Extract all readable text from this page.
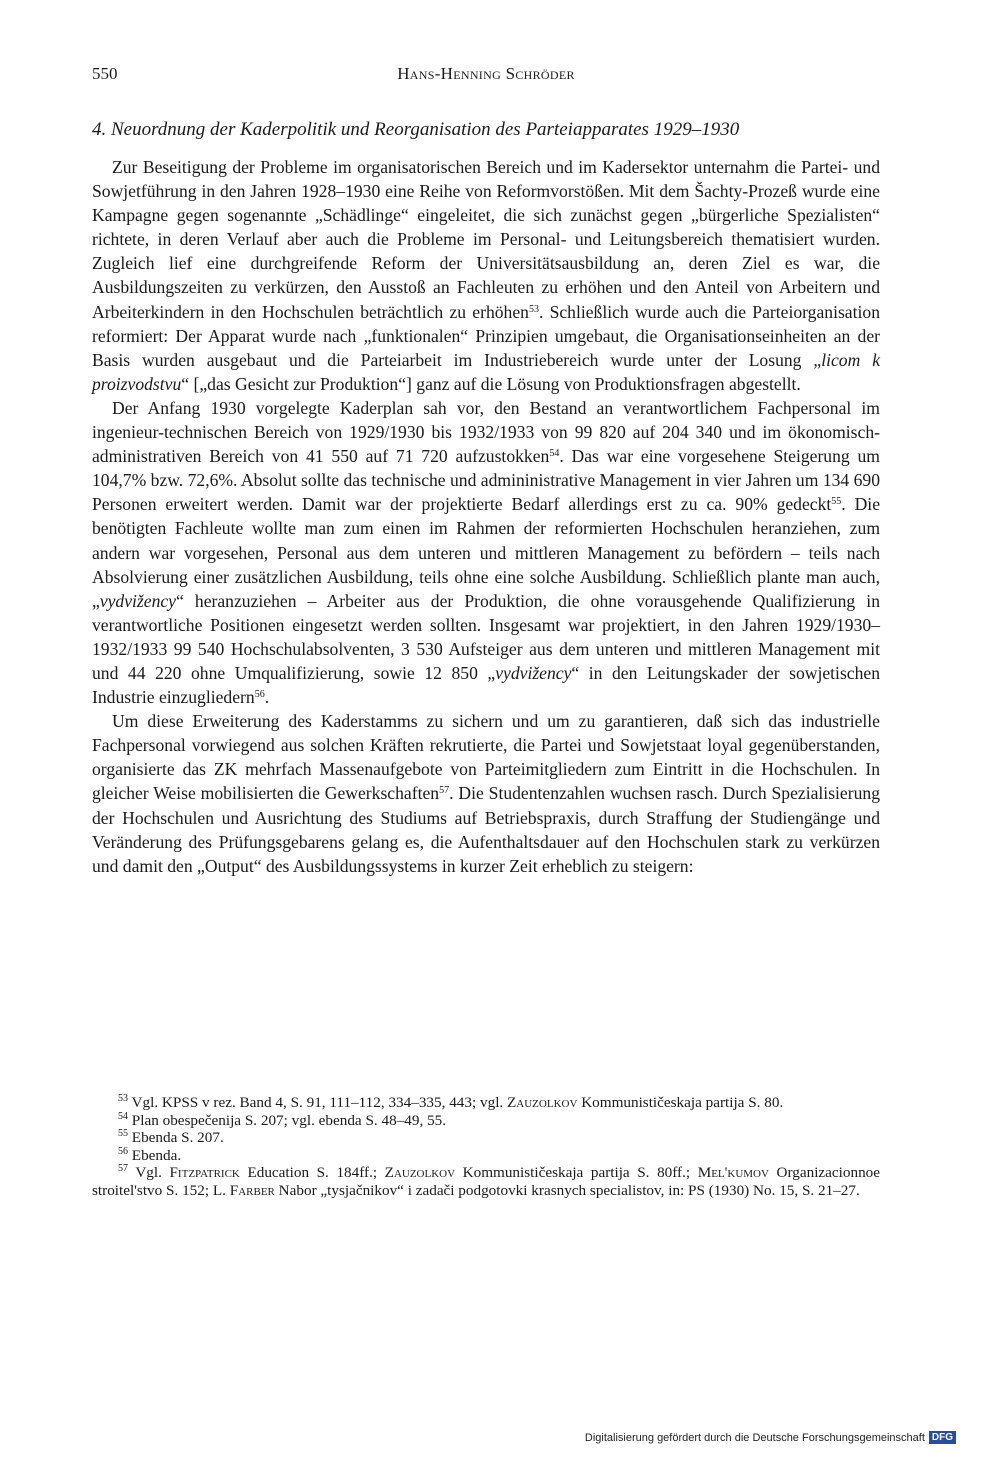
550	Hans-Henning Schröder
4. Neuordnung der Kaderpolitik und Reorganisation des Parteiapparates 1929–1930

Zur Beseitigung der Probleme im organisatorischen Bereich und im Kadersektor unternahm die Partei- und Sowjetführung in den Jahren 1928–1930 eine Reihe von Reformvorstößen. Mit dem Šachty-Prozeß wurde eine Kampagne gegen sogenannte „Schädlinge“ eingeleitet, die sich zunächst gegen „bürgerliche Spezialisten“ richtete, in deren Verlauf aber auch die Probleme im Personal- und Leitungsbereich thematisiert wurden. Zugleich lief eine durchgreifende Reform der Universitätsausbildung an, deren Ziel es war, die Ausbildungszeiten zu verkürzen, den Ausstoß an Fachleuten zu erhöhen und den Anteil von Arbeitern und Arbeiterkindern in den Hochschulen beträchtlich zu erhöhen$^{53}$. Schließlich wurde auch die Parteiorganisation reformiert: Der Apparat wurde nach „funktionalen“ Prinzipien umgebaut, die Organisationseinheiten an der Basis wurden ausgebaut und die Parteiarbeit im Industriebereich wurde unter der Losung „licom k proizvodstvu“ [„das Gesicht zur Produktion“] ganz auf die Lösung von Produktionsfragen abgestellt.

Der Anfang 1930 vorgelegte Kaderplan sah vor, den Bestand an verantwortlichem Fachpersonal im ingenieur-technischen Bereich von 1929/1930 bis 1932/1933 von 99 820 auf 204 340 und im ökonomisch-administrativen Bereich von 41 550 auf 71 720 aufzustokken$^{54}$. Das war eine vorgesehene Steigerung um 104,7% bzw. 72,6%. Absolut sollte das technische und admininistrative Management in vier Jahren um 134 690 Personen erweitert werden. Damit war der projektierte Bedarf allerdings erst zu ca. 90% gedeckt$^{55}$. Die benötigten Fachleute wollte man zum einen im Rahmen der reformierten Hochschulen heranziehen, zum andern war vorgesehen, Personal aus dem unteren und mittleren Management zu befördern – teils nach Absolvierung einer zusätzlichen Ausbildung, teils ohne eine solche Ausbildung. Schließlich plante man auch, „vydvižency“ heranzuziehen – Arbeiter aus der Produktion, die ohne vorausgehende Qualifizierung in verantwortliche Positionen eingesetzt werden sollten. Insgesamt war projektiert, in den Jahren 1929/1930–1932/1933 99 540 Hochschulabsolventen, 3 530 Aufsteiger aus dem unteren und mittleren Management mit und 44 220 ohne Umqualifizierung, sowie 12 850 „vydvižency“ in den Leitungskader der sowjetischen Industrie einzugliedern$^{56}$.

Um diese Erweiterung des Kaderstamms zu sichern und um zu garantieren, daß sich das industrielle Fachpersonal vorwiegend aus solchen Kräften rekrutierte, die Partei und Sowjetstaat loyal gegenüberstanden, organisierte das ZK mehrfach Massenaufgebote von Parteimitgliedern zum Eintritt in die Hochschulen. In gleicher Weise mobilisierten die Gewerkschaften$^{57}$. Die Studentenzahlen wuchsen rasch. Durch Spezialisierung der Hochschulen und Ausrichtung des Studiums auf Betriebspraxis, durch Straffung der Studiengänge und Veränderung des Prüfungsgebarens gelang es, die Aufenthaltsdauer auf den Hochschulen stark zu verkürzen und damit den „Output“ des Ausbildungssystems in kurzer Zeit erheblich zu steigern:

$^{53}$ Vgl. KPSS v rez. Band 4, S. 91, 111–112, 334–335, 443; vgl. Zauzolkov Kommunističeskaja partija S. 80.

$^{54}$ Plan obespečenija S. 207; vgl. ebenda S. 48–49, 55.

$^{55}$ Ebenda S. 207.

$^{56}$ Ebenda.

$^{57}$ Vgl. Fitzpatrick Education S. 184ff.; Zauzolkov Kommunističeskaja partija S. 80ff.; Mel'kumov Organizacionnoe stroitel'stvo S. 152; L. Farber Nabor „tysjačnikov“ i zadači podgotovki krasnych specialistov, in: PS (1930) No. 15, S. 21–27.

Digitalisierung gefördert durch die Deutsche Forschungsgemeinschaft DFG
